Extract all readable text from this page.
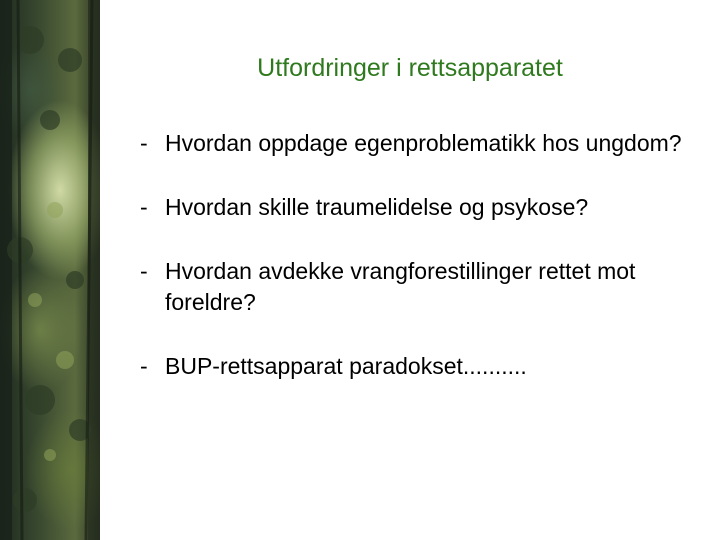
Utfordringer i rettsapparatet
- Hvordan oppdage egenproblematikk hos ungdom?
- Hvordan skille traumelidelse og psykose?
- Hvordan avdekke vrangforestillinger rettet mot foreldre?
- BUP-rettsapparat paradokset..........
